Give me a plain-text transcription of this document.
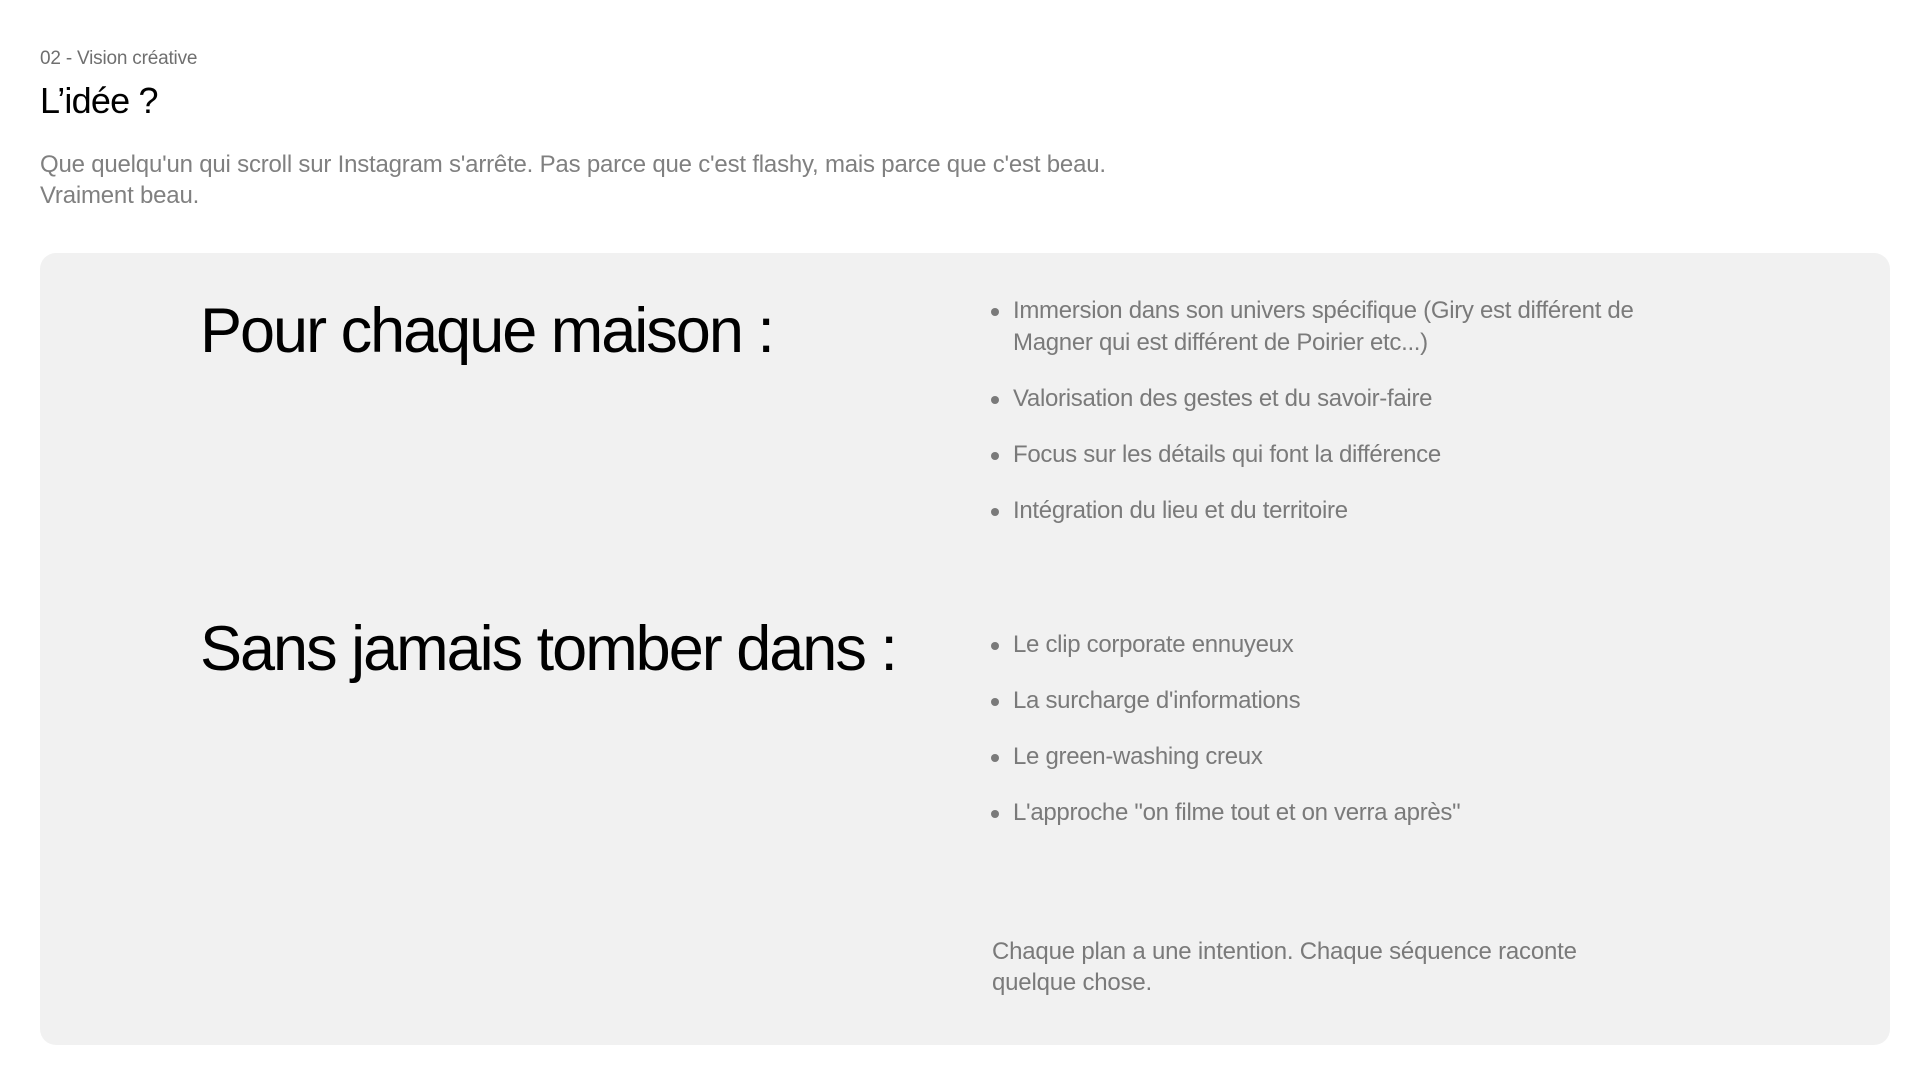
02 - Vision créative
L’idée ?

Que quelqu'un qui scroll sur Instagram s'arrête. Pas parce que c'est flashy, mais parce que c'est beau.
Vraiment beau.

Pour chaque maison :	Immersion dans son univers spécifique (Giry est différent de
Magner qui est différent de Poirier etc...)
Valorisation des gestes et du savoir-faire
Focus sur les détails qui font la différence
Intégration du lieu et du territoire
Sans jamais tomber dans :	Le clip corporate ennuyeux
La surcharge d'informations
Le green-washing creux
L'approche "on filme tout et on verra après"

Chaque plan a une intention. Chaque séquence raconte
quelque chose.
